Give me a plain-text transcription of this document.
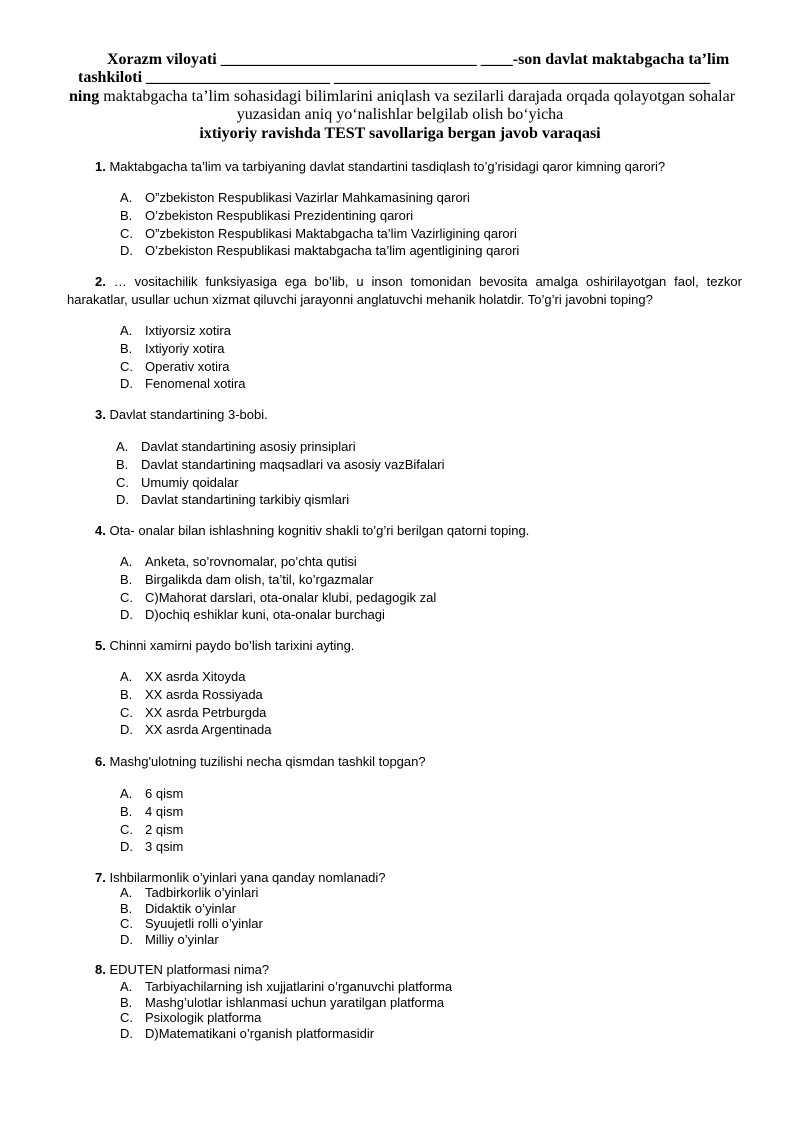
Xorazm viloyati ________________________________ ____-son davlat maktabgacha ta’lim
tashkiloti _______________________ _______________________________________________
ning maktabgacha ta’lim sohasidagi bilimlarini aniqlash va sezilarli darajada orqada qolayotgan sohalar
yuzasidan aniq yoʻnalishlar belgilab olish boʻyicha
ixtiyoriy ravishda TEST savollariga bergan javob varaqasi
1. Maktabgacha ta’lim va tarbiyaning davlat standartini tasdiqlash to’g’risidagi qaror kimning qarori?
A. O”zbekiston Respublikasi Vazirlar Mahkamasining qarori
B. O’zbekiston Respublikasi Prezidentining qarori
C. O”zbekiston Respublikasi Maktabgacha ta’lim Vazirligining qarori
D. O’zbekiston Respublikasi maktabgacha ta’lim agentligining qarori
2. … vositachilik funksiyasiga ega bo’lib, u inson tomonidan bevosita amalga oshirilayotgan faol, tezkor harakatlar, usullar uchun xizmat qiluvchi jarayonni anglatuvchi mehanik holatdir. To’g’ri javobni toping?
A. Ixtiyorsiz xotira
B. Ixtiyoriy xotira
C. Operativ xotira
D. Fenomenal xotira
3. Davlat standartining 3-bobi.
A. Davlat standartining asosiy prinsiplari
B. Davlat standartining maqsadlari va asosiy vazBifalari
C. Umumiy qoidalar
D. Davlat standartining tarkibiy qismlari
4. Ota- onalar bilan ishlashning kognitiv shakli to’g’ri berilgan qatorni toping.
A. Anketa, so’rovnomalar, po’chta qutisi
B. Birgalikda dam olish, ta’til, ko’rgazmalar
C. C)Mahorat darslari, ota-onalar klubi, pedagogik zal
D. D)ochiq eshiklar kuni, ota-onalar burchagi
5. Chinni xamirni paydo bo’lish tarixini ayting.
A. XX asrda Xitoyda
B. XX asrda Rossiyada
C. XX asrda Petrburgda
D. XX asrda Argentinada
6. Mashg'ulotning tuzilishi necha qismdan tashkil topgan?
A. 6 qism
B. 4 qism
C. 2 qism
D. 3 qsim
7. Ishbilarmonlik o’yinlari yana qanday nomlanadi?
A. Tadbirkorlik o’yinlari
B. Didaktik o’yinlar
C. Syuujetli rolli o’yinlar
D. Milliy o’yinlar
8. EDUTEN platformasi nima?
A. Tarbiyachilarning ish xujjatlarini o’rganuvchi platforma
B. Mashg’ulotlar ishlanmasi uchun yaratilgan platforma
C. Psixologik platforma
D. D)Matematikani o’rganish platformasidir
